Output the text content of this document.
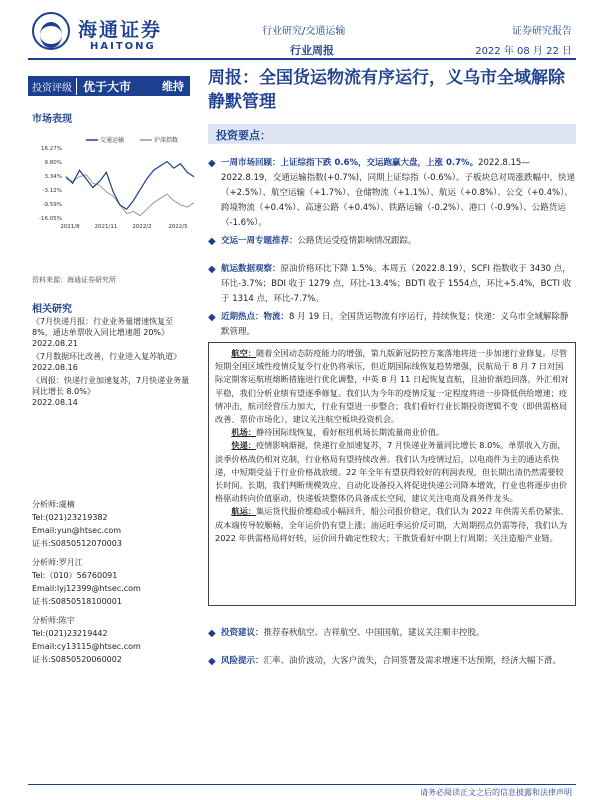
海通证券
HAITONG
行业研究/交通运输
行业周报
证券研究报告
2022 年 08 月 22 日
投资评级 优于大市	维持
市场表现
交通运输	沪深指数
16.27%
9.80%
3.34%
-3.12%
-9.59%
-16.05%
2021/8	2021/11	2022/2	2022/5
资料来源：海通证券研究所
相关研究
《7月快递月报：行业业务量增速恢复至8%，通达单票收入同比增速超 20%》
2022.08.21
《7月数据环比改善，行业进入复苏轨道》
2022.08.16
《周报：快递行业加速复苏，7月快递业务量同比增长 8.0%》
2022.08.14
分析师:虞楠
Tel:(021)23219382
Email:yun@htsec.com
证书:S0850512070003
分析师:罗月江
Tel:（010）56760091
Email:lyj12399@htsec.com
证书:S0850518100001
分析师:陈宇
Tel:(021)23219442
Email:cy13115@htsec.com
证书:S0850520060002
周报：全国货运物流有序运行，义乌市全域解除静默管理
投资要点：
◆ 一周市场回顾：上证综指下跌 0.6%，交运跑赢大盘，上涨 0.7%。2022.8.15—2022.8.19，交通运输指数(+0.7%)，同期上证综指（-0.6%）。子板块总对周涨跌幅中，快递（+2.5%）、航空运输（+1.7%）、仓储物流（+1.1%）、航运（+0.8%）、公交（+0.4%）、跨境物流（+0.4%）、高速公路（+0.4%）、铁路运输（-0.2%）、港口（-0.9%）、公路货运（-1.6%）。
◆ 交运一周专题推荐：公路货运受疫情影响情况跟踪。
◆ 航运数据观察：原油价格环比下降 1.5%。本周五（2022.8.19），SCFI 指数收于 3430 点，环比-3.7%；BDI 收于 1279 点，环比-13.4%；BDTI 收于 1554点，环比+5.4%，BCTI 收于 1314 点，环比-7.7%。
◆ 近期热点：物流：8 月 19 日，全国货运物流有序运行，持续恢复；快递：义乌市全域解除静默管理。

航空：随着全国动态防疫能力的增强，第九版新冠防控方案落地将进一步加速行业修复。尽管短期全国区域性疫情反复令行业仍将承压，但近期国际线恢复趋势增强，民航局于 8 月 7 日对国际定期客运航班熔断措施进行优化调整，中英 8 月 11 日起恢复直航，且油价渐趋回落，外汇相对平稳，我们分析业绩有望逐季修复。我们认为今年的疫情反复一定程度将进一步降低供给增速；疫情冲击，航司经营压力加大，行业有望进一步整合；我们看好行业长期投资逻辑不变（即供需格局改善、票价市场化），建议关注航空板块投资机会。

机场：静待国际线恢复，看好枢纽机场长期流量商业价值。

快递：疫情影响渐褪，快递行业加速复苏，7 月快递业务量同比增长 8.0%。单票收入方面，淡季价格战仍相对克制，行业格局有望持续改善。我们认为疫情过后，以电商件为主的通达系快递，中短期受益于行业价格战放缓。22 年全年有望获得较好的利润表现，但长期出清仍然需要较长时间。长期，我们判断规模效应、自动化设备投入将促进快递公司降本增效，行业也将逐步由价格驱动转向价值驱动，快递板块整体仍具备成长空间，建议关注电商及商务件龙头。

航运：集运货代报价维稳或小幅回升，船公司报价稳定，我们认为 2022 年供需关系仍紧张、成本端传导较顺畅，全年运价仍有望上涨；油运旺季运价反可期，大周期拐点仍需等待，我们认为 2022 年供需格局将好转，运价回升确定性较大；干散货看好中期上行周期；关注造船产业链。

◆ 投资建议：推荐春秋航空、吉祥航空、中国国航，建议关注顺丰控股。
◆ 风险提示：汇率、油价波动，大客户流失，合同签署及需求增速不达预期，经济大幅下滑。
请务必阅读正文之后的信息披露和法律声明
